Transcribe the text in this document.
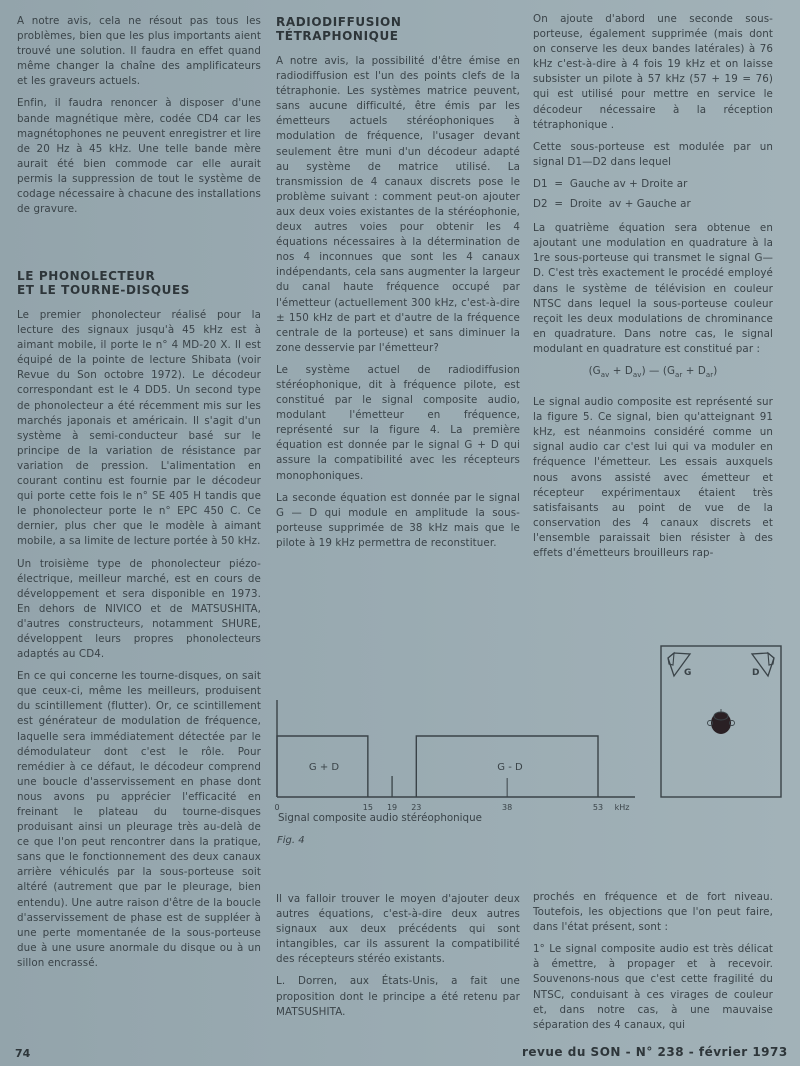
A notre avis, cela ne résout pas tous les problèmes, bien que les plus importants aient trouvé une solution. Il faudra en effet quand même changer la chaîne des amplificateurs et les graveurs actuels.

Enfin, il faudra renoncer à disposer d'une bande magnétique mère, codée CD4 car les magnétophones ne peuvent enregistrer et lire de 20 Hz à 45 kHz. Une telle bande mère aurait été bien commode car elle aurait permis la suppression de tout le système de codage nécessaire à chacune des installations de gravure.

LE PHONOLECTEUR
ET LE TOURNE-DISQUES

Le premier phonolecteur réalisé pour la lecture des signaux jusqu'à 45 kHz est à aimant mobile, il porte le n° 4 MD-20 X. Il est équipé de la pointe de lecture Shibata (voir Revue du Son octobre 1972). Le décodeur correspondant est le 4 DD5. Un second type de phonolecteur a été récemment mis sur les marchés japonais et américain. Il s'agit d'un système à semi-conducteur basé sur le principe de la variation de résistance par variation de pression. L'alimentation en courant continu est fournie par le décodeur qui porte cette fois le n° SE 405 H tandis que le phonolecteur porte le n° EPC 450 C. Ce dernier, plus cher que le modèle à aimant mobile, a sa limite de lecture portée à 50 kHz.

Un troisième type de phonolecteur piézo-électrique, meilleur marché, est en cours de développement et sera disponible en 1973. En dehors de NIVICO et de MATSUSHITA, d'autres constructeurs, notamment SHURE, développent leurs propres phonolecteurs adaptés au CD4.

En ce qui concerne les tourne-disques, on sait que ceux-ci, même les meilleurs, produisent du scintillement (flutter). Or, ce scintillement est générateur de modulation de fréquence, laquelle sera immédiatement détectée par le démodulateur dont c'est le rôle. Pour remédier à ce défaut, le décodeur comprend une boucle d'asservissement en phase dont nous avons pu apprécier l'efficacité en freinant le plateau du tourne-disques produisant ainsi un pleurage très au-delà de ce que l'on peut rencontrer dans la pratique, sans que le fonctionnement des deux canaux arrière véhiculés par la sous-porteuse soit altéré (autrement que par le pleurage, bien entendu). Une autre raison d'être de la boucle d'asservissement de phase est de suppléer à une perte momentanée de la sous-porteuse due à une usure anormale du disque ou à un sillon encrassé.

RADIODIFFUSION
TÉTRAPHONIQUE

A notre avis, la possibilité d'être émise en radiodiffusion est l'un des points clefs de la tétraphonie. Les systèmes matrice peuvent, sans aucune difficulté, être émis par les émetteurs actuels stéréophoniques à modulation de fréquence, l'usager devant seulement être muni d'un décodeur adapté au système de matrice utilisé. La transmission de 4 canaux discrets pose le problème suivant : comment peut-on ajouter aux deux voies existantes de la stéréophonie, deux autres voies pour obtenir les 4 équations nécessaires à la détermination de nos 4 inconnues que sont les 4 canaux indépendants, cela sans augmenter la largeur du canal haute fréquence occupé par l'émetteur (actuellement 300 kHz, c'est-à-dire ± 150 kHz de part et d'autre de la fréquence centrale de la porteuse) et sans diminuer la zone desservie par l'émetteur?

Le système actuel de radiodiffusion stéréophonique, dit à fréquence pilote, est constitué par le signal composite audio, modulant l'émetteur en fréquence, représenté sur la figure 4. La première équation est donnée par le signal G + D qui assure la compatibilité avec les récepteurs monophoniques.

La seconde équation est donnée par le signal G — D qui module en amplitude la sous-porteuse supprimée de 38 kHz mais que le pilote à 19 kHz permettra de reconstituer.

On ajoute d'abord une seconde sous-porteuse, également supprimée (mais dont on conserve les deux bandes latérales) à 76 kHz c'est-à-dire à 4 fois 19 kHz et on laisse subsister un pilote à 57 kHz (57 + 19 = 76) qui est utilisé pour mettre en service le décodeur nécessaire à la réception tétraphonique .

Cette sous-porteuse est modulée par un signal D1—D2 dans lequel

D1  =  Gauche av + Droite ar
D2  =  Droite  av + Gauche ar

La quatrième équation sera obtenue en ajoutant une modulation en quadrature à la 1re sous-porteuse qui transmet le signal G—D. C'est très exactement le procédé employé dans le système de télévision en couleur NTSC dans lequel la sous-porteuse couleur reçoit les deux modulations de chrominance en quadrature. Dans notre cas, le signal modulant en quadrature est constitué par :

$(G_{av} + D_{av})$ — $(G_{ar} + D_{ar})$

Le signal audio composite est représenté sur la figure 5. Ce signal, bien qu'atteignant 91 kHz, est néanmoins considéré comme un signal audio car c'est lui qui va moduler en fréquence l'émetteur. Les essais auxquels nous avons assisté avec émetteur et récepteur expérimentaux étaient très satisfaisants au point de vue de la conservation des 4 canaux discrets et l'ensemble paraissait bien résister à des effets d'émetteurs brouilleurs rap-

0	15 19 23	38	53
G + D	G - D
kHz
Signal composite audio stéréophonique
Fig. 4
G	D

Il va falloir trouver le moyen d'ajouter deux autres équations, c'est-à-dire deux autres signaux aux deux précédents qui sont intangibles, car ils assurent la compatibilité des récepteurs stéréo existants.

L. Dorren, aux États-Unis, a fait une proposition dont le principe a été retenu par MATSUSHITA.

prochés en fréquence et de fort niveau. Toutefois, les objections que l'on peut faire, dans l'état présent, sont :

1° Le signal composite audio est très délicat à émettre, à propager et à recevoir. Souvenons-nous que c'est cette fragilité du NTSC, conduisant à ces virages de couleur et, dans notre cas, à une mauvaise séparation des 4 canaux, qui

74	revue du SON - N° 238 - février 1973
